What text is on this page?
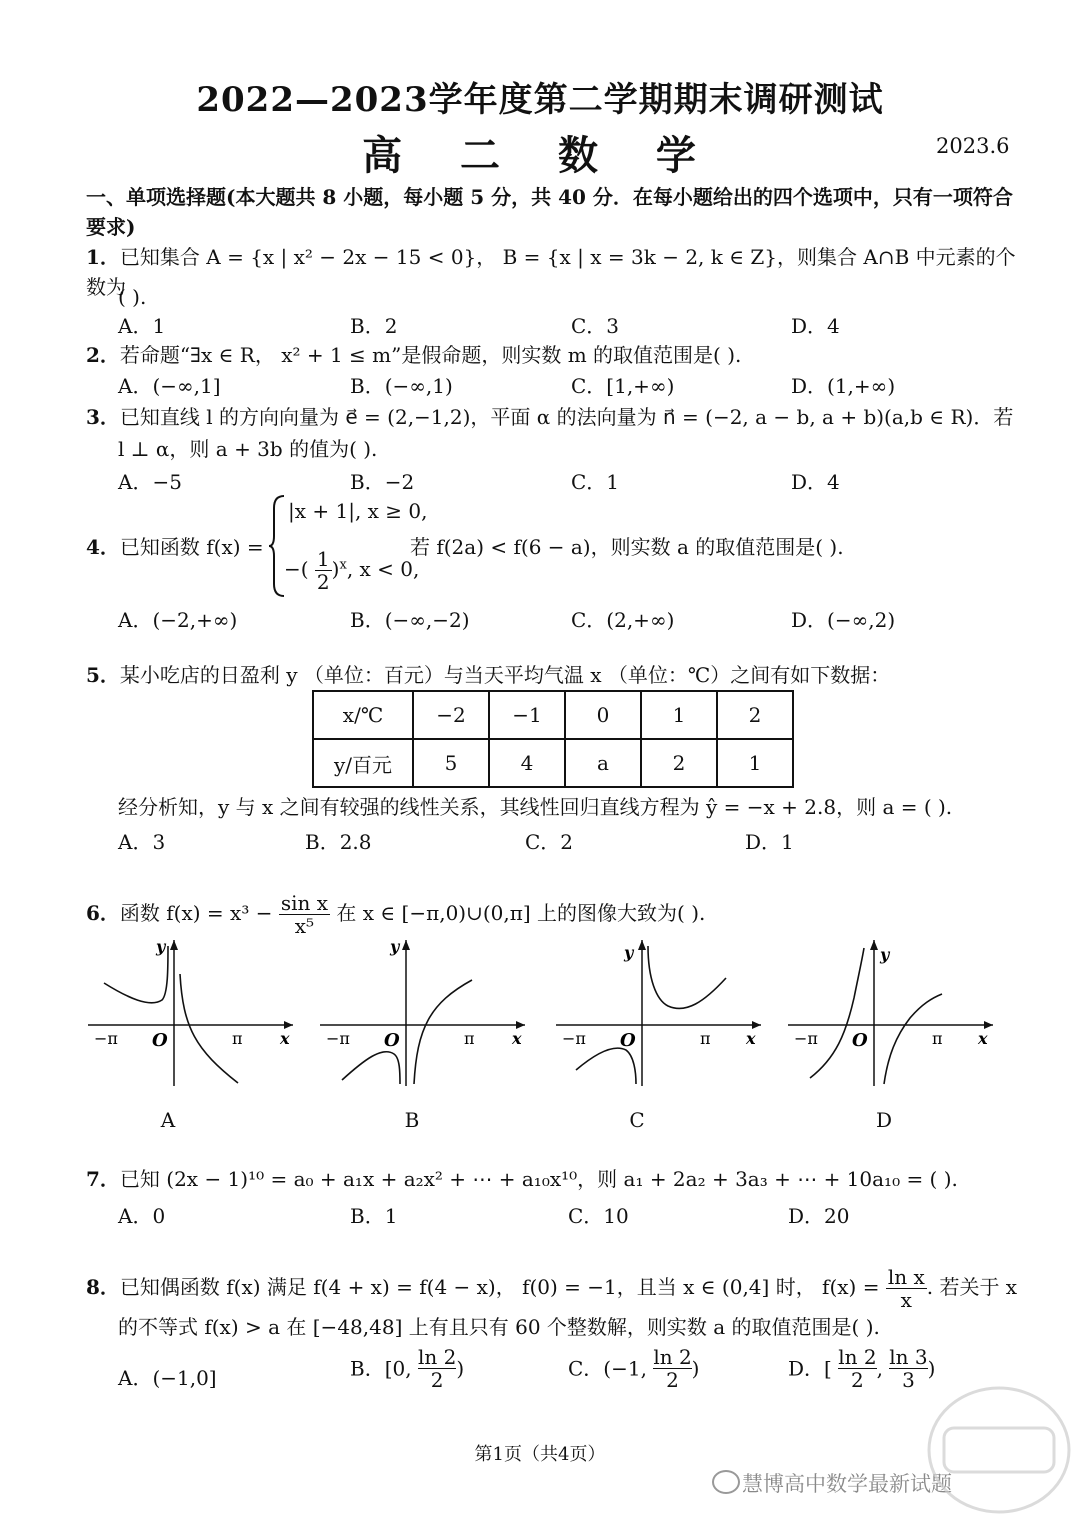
2022—2023学年度第二学期期末调研测试
高 二 数 学	2023.6
一、单项选择题(本大题共 8 小题，每小题 5 分，共 40 分．在每小题给出的四个选项中，只有一项符合要求)
1．已知集合 A = {x | x² − 2x − 15 < 0}， B = {x | x = 3k − 2, k ∈ Z}，则集合 A∩B 中元素的个数为
( ).
A．1	B．2	C．3	D．4
2．若命题“∃x ∈ R， x² + 1 ≤ m”是假命题，则实数 m 的取值范围是( ).
A．(−∞,1]	B．(−∞,1)	C．[1,+∞)	D．(1,+∞)
3．已知直线 l 的方向向量为 e⃗ = (2,−1,2)，平面 α 的法向量为 n⃗ = (−2, a − b, a + b)(a,b ∈ R)．若
l ⊥ α，则 a + 3b 的值为( ).
A．−5	B．−2	C．1	D．4
4．已知函数 f(x) =
|x + 1|, x ≥ 0,
−( $\frac{1}{2} )^x$, x < 0,
若 f(2a) < f(6 − a)，则实数 a 的取值范围是( ).
A．(−2,+∞)	B．(−∞,−2)	C．(2,+∞)	D．(−∞,2)
5．某小吃店的日盈利 y （单位：百元）与当天平均气温 x （单位：℃）之间有如下数据：
x/℃	−2	−1	0	1	2
y/百元	5	4	a	2	1
经分析知，y 与 x 之间有较强的线性关系，其线性回归直线方程为 ŷ = −x + 2.8，则 a = ( ).
A．3	B．2.8	C．2	D．1
6．函数 $f(x) = x^3 - \frac{\text{sin x}}{\text{x⁵}}$ 在 x ∈ [−π,0)∪(0,π] 上的图像大致为( ).
−π O	π x
y
A
−π O	π x
y
B
−π O	π x
y
C
−π O	π x
y
D
7．已知 (2x − 1)¹⁰ = a₀ + a₁x + a₂x² + ⋯ + a₁₀x¹⁰，则 a₁ + 2a₂ + 3a₃ + ⋯ + 10a₁₀ = ( ).
A．0	B．1	C．10	D．20
8．已知偶函数 f(x) 满足 f(4 + x) = f(4 − x)， f(0) = −1，且当 x ∈ (0,4] 时， $f(x) = \frac{\text{ln x}}{x}$ . 若关于 x
的不等式 f(x) > a 在 [−48,48] 上有且只有 60 个整数解，则实数 a 的取值范围是( ).
A．(−1,0]	B．[0, $\frac{\ln 2}{2}$ )	C．(−1, $\frac{\ln 2}{2}$ )	D．[ $\frac{\ln 2}{2}$ , $\frac{\ln 3}{3}$ )
第1页（共4页）
慧博高中数学最新试题
